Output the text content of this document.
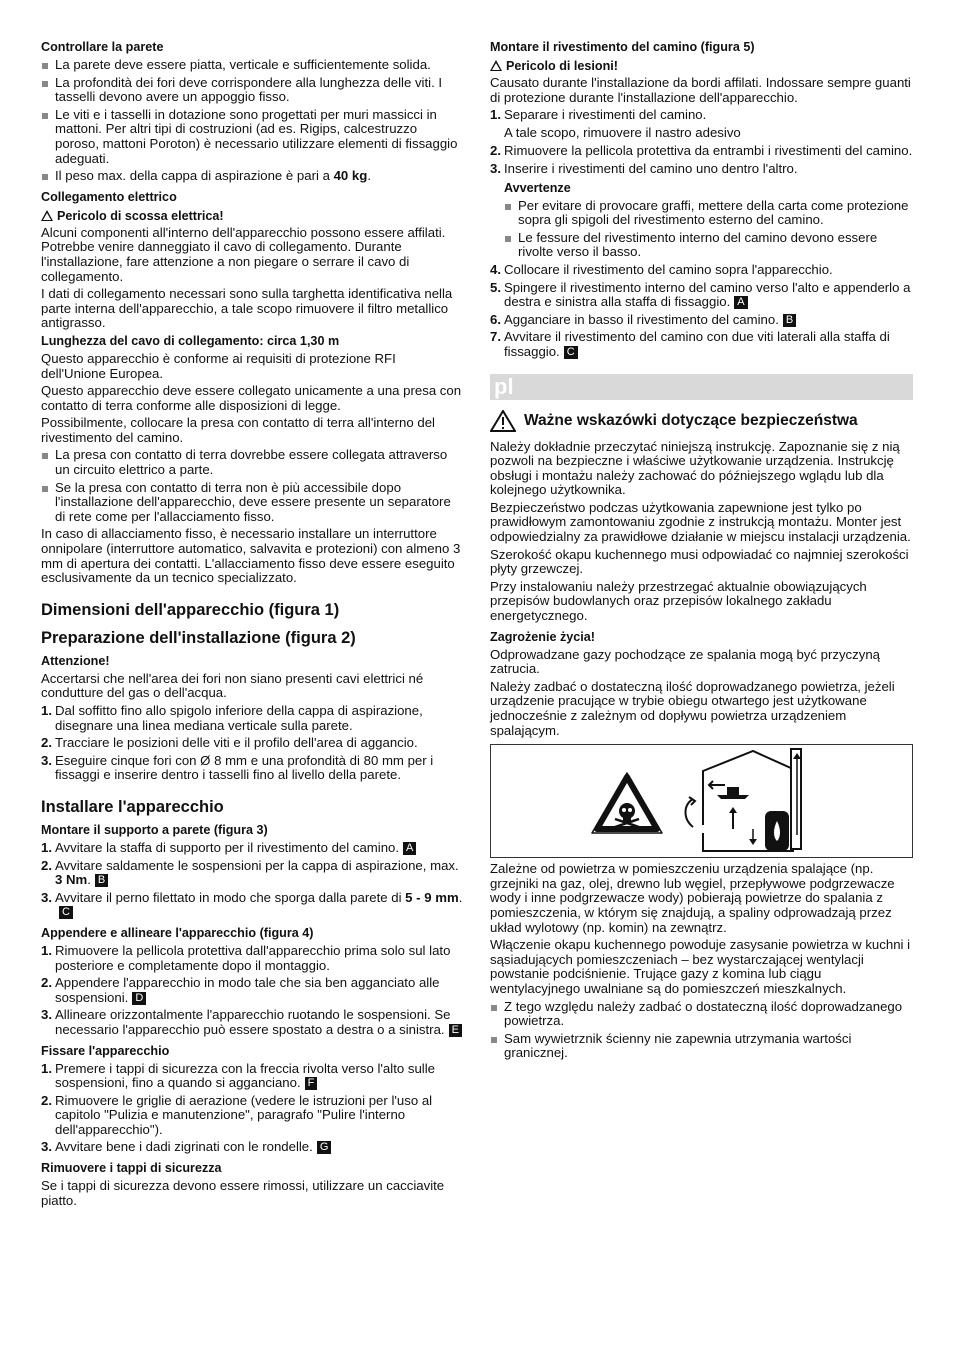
Controllare la parete
La parete deve essere piatta, verticale e sufficientemente solida.
La profondità dei fori deve corrispondere alla lunghezza delle viti. I tasselli devono avere un appoggio fisso.
Le viti e i tasselli in dotazione sono progettati per muri massicci in mattoni. Per altri tipi di costruzioni (ad es. Rigips, calcestruzzo poroso, mattoni Poroton) è necessario utilizzare elementi di fissaggio adeguati.
Il peso max. della cappa di aspirazione è pari a 40 kg.
Collegamento elettrico
Pericolo di scossa elettrica!

Alcuni componenti all'interno dell'apparecchio possono essere affilati. Potrebbe venire danneggiato il cavo di collegamento. Durante l'installazione, fare attenzione a non piegare o serrare il cavo di collegamento.

I dati di collegamento necessari sono sulla targhetta identificativa nella parte interna dell'apparecchio, a tale scopo rimuovere il filtro metallico antigrasso.

Lunghezza del cavo di collegamento: circa 1,30 m

Questo apparecchio è conforme ai requisiti di protezione RFI dell'Unione Europea.

Questo apparecchio deve essere collegato unicamente a una presa con contatto di terra conforme alle disposizioni di legge.

Possibilmente, collocare la presa con contatto di terra all'interno del rivestimento del camino.

La presa con contatto di terra dovrebbe essere collegata attraverso un circuito elettrico a parte.
Se la presa con contatto di terra non è più accessibile dopo l'installazione dell'apparecchio, deve essere presente un separatore di rete come per l'allacciamento fisso.

In caso di allacciamento fisso, è necessario installare un interruttore onnipolare (interruttore automatico, salvavita e protezioni) con almeno 3 mm di apertura dei contatti. L'allacciamento fisso deve essere eseguito esclusivamente da un tecnico specializzato.

Dimensioni dell'apparecchio (figura 1)
Preparazione dell'installazione (figura 2)
Attenzione!

Accertarsi che nell'area dei fori non siano presenti cavi elettrici né condutture del gas o dell'acqua.

1. Dal soffitto fino allo spigolo inferiore della cappa di aspirazione, disegnare una linea mediana verticale sulla parete.
2. Tracciare le posizioni delle viti e il profilo dell'area di aggancio.
3. Eseguire cinque fori con Ø 8 mm e una profondità di 80 mm per i fissaggi e inserire dentro i tasselli fino al livello della parete.
Installare l'apparecchio
Montare il supporto a parete (figura 3)
1. Avvitare la staffa di supporto per il rivestimento del camino. A
2. Avvitare saldamente le sospensioni per la cappa di aspirazione, max. 3 Nm. B
3. Avvitare il perno filettato in modo che sporga dalla parete di 5 - 9 mm.C
Appendere e allineare l'apparecchio (figura 4)
1. Rimuovere la pellicola protettiva dall'apparecchio prima solo sul lato posteriore e completamente dopo il montaggio.
2. Appendere l'apparecchio in modo tale che sia ben agganciato alle sospensioni. D
3. Allineare orizzontalmente l'apparecchio ruotando le sospensioni. Se necessario l'apparecchio può essere spostato a destra o a sinistra. E
Fissare l'apparecchio
1. Premere i tappi di sicurezza con la freccia rivolta verso l'alto sulle sospensioni, fino a quando si agganciano. F
2. Rimuovere le griglie di aerazione (vedere le istruzioni per l'uso al capitolo "Pulizia e manutenzione", paragrafo "Pulire l'interno dell'apparecchio").
3. Avvitare bene i dadi zigrinati con le rondelle. G
Rimuovere i tappi di sicurezza

Se i tappi di sicurezza devono essere rimossi, utilizzare un cacciavite piatto.

Montare il rivestimento del camino (figura 5)
Pericolo di lesioni!

Causato durante l'installazione da bordi affilati. Indossare sempre guanti di protezione durante l'installazione dell'apparecchio.

1. Separare i rivestimenti del camino.
A tale scopo, rimuovere il nastro adesivo
2. Rimuovere la pellicola protettiva da entrambi i rivestimenti del camino.
3. Inserire i rivestimenti del camino uno dentro l'altro.
Avvertenze
Per evitare di provocare graffi, mettere della carta come protezione sopra gli spigoli del rivestimento esterno del camino.
Le fessure del rivestimento interno del camino devono essere rivolte verso il basso.
4. Collocare il rivestimento del camino sopra l'apparecchio.
5. Spingere il rivestimento interno del camino verso l'alto e appenderlo a destra e sinistra alla staffa di fissaggio. A
6. Agganciare in basso il rivestimento del camino. B
7. Avvitare il rivestimento del camino con due viti laterali alla staffa di fissaggio. C
pl
Ważne wskazówki dotyczące bezpieczeństwa

Należy dokładnie przeczytać niniejszą instrukcję. Zapoznanie się z nią pozwoli na bezpieczne i właściwe użytkowanie urządzenia. Instrukcję obsługi i montażu należy zachować do późniejszego wglądu lub dla kolejnego użytkownika.

Bezpieczeństwo podczas użytkowania zapewnione jest tylko po prawidłowym zamontowaniu zgodnie z instrukcją montażu. Monter jest odpowiedzialny za prawidłowe działanie w miejscu instalacji urządzenia.

Szerokość okapu kuchennego musi odpowiadać co najmniej szerokości płyty grzewczej.

Przy instalowaniu należy przestrzegać aktualnie obowiązujących przepisów budowlanych oraz przepisów lokalnego zakładu energetycznego.

Zagrożenie życia!

Odprowadzane gazy pochodzące ze spalania mogą być przyczyną zatrucia.

Należy zadbać o dostateczną ilość doprowadzanego powietrza, jeżeli urządzenie pracujące w trybie obiegu otwartego jest użytkowane jednocześnie z zależnym od dopływu powietrza urządzeniem spalającym.

Zależne od powietrza w pomieszczeniu urządzenia spalające (np. grzejniki na gaz, olej, drewno lub węgiel, przepływowe podgrzewacze wody i inne podgrzewacze wody) pobierają powietrze do spalania z pomieszczenia, w którym się znajdują, a spaliny odprowadzają przez układ wylotowy (np. komin) na zewnątrz.

Włączenie okapu kuchennego powoduje zasysanie powietrza w kuchni i sąsiadujących pomieszczeniach – bez wystarczającej wentylacji powstanie podciśnienie. Trujące gazy z komina lub ciągu wentylacyjnego uwalniane są do pomieszczeń mieszkalnych.

Z tego względu należy zadbać o dostateczną ilość doprowadzanego powietrza.
Sam wywietrznik ścienny nie zapewnia utrzymania wartości granicznej.
